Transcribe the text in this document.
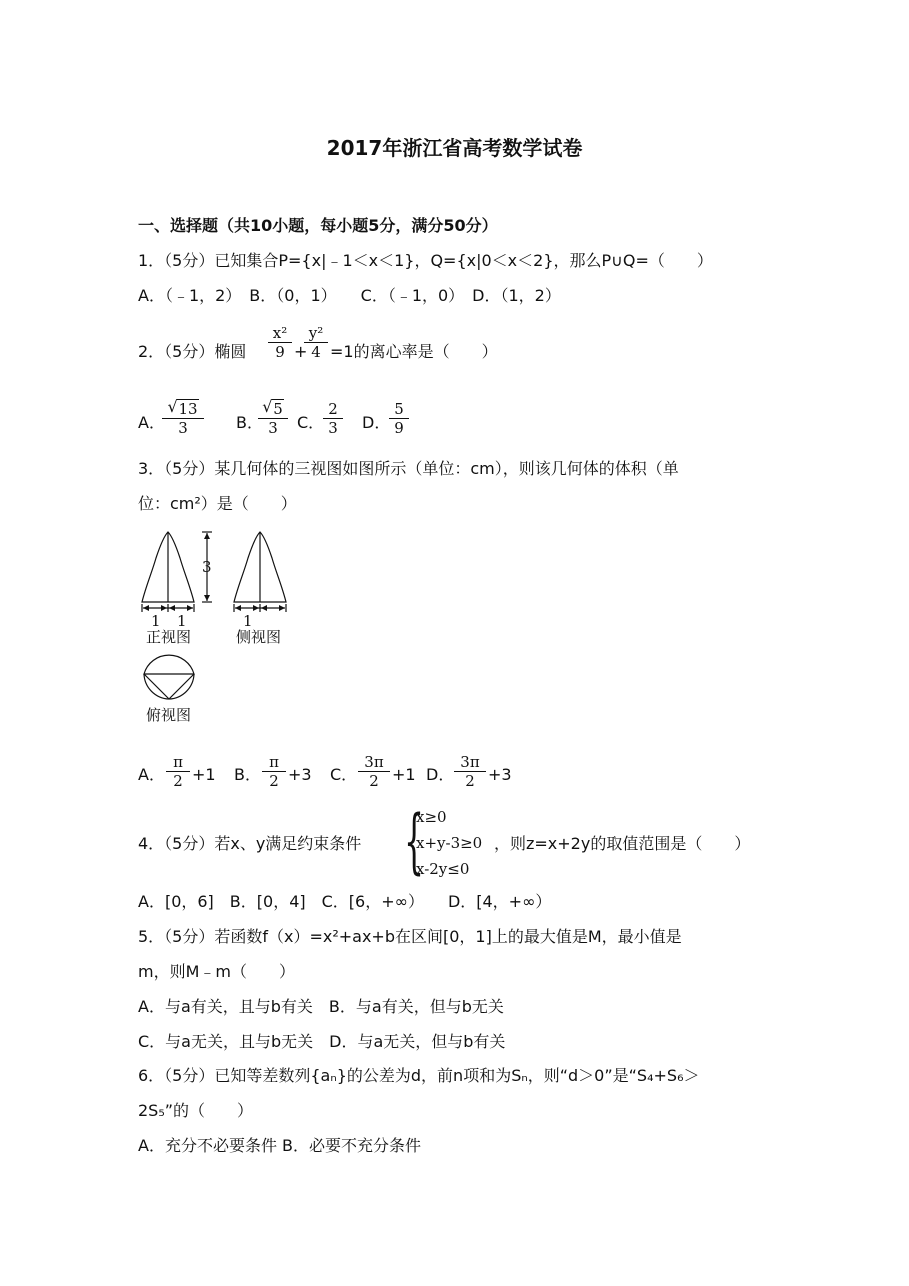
2017年浙江省高考数学试卷
一、选择题（共10小题，每小题5分，满分50分）
1．（5分）已知集合P={x|﹣1＜x＜1}，Q={x|0＜x＜2}，那么P∪Q=（　　）
A．（﹣1，2）　B．（0，1）　　C．（﹣1，0）　D．（1，2）
2．（5分）椭圆 $\frac{\text{x²}}{9}$ +
$\frac{\text{y²}}{4} =1$的离心率是（　　）
A．
√ $\frac{13}{3}$ B．
√ $\frac{5}{3}$ C．
$\frac{2}{3}$ D．
$\frac{5}{9}$
3．（5分）某几何体的三视图如图所示（单位：cm），则该几何体的体积（单
位：cm²）是（　　）
3
1 1	1
正视图	侧视图
俯视图
A． $\frac{\pi}{2} +1$ B． $\frac{\pi}{2} +3$ C． $\frac{3\pi}{2} +1$ D． $\frac{3\pi}{2} +3$
4．（5分）若x、y满足约束条件 {
x≥0
x+y-3≥0
x-2y≤0
，则z=x+2y的取值范围是（　　）
A．[0，6]　B．[0，4]　C．[6，+∞）　　D．[4，+∞）
5．（5分）若函数f（x）=x²+ax+b在区间[0，1]上的最大值是M，最小值是
m，则M﹣m（　　）
A．与a有关，且与b有关　B．与a有关，但与b无关
C．与a无关，且与b无关　D．与a无关，但与b有关
6．（5分）已知等差数列{aₙ}的公差为d，前n项和为Sₙ，则“d＞0”是“S₄+S₆＞
2S₅”的（　　）
A．充分不必要条件 B．必要不充分条件
